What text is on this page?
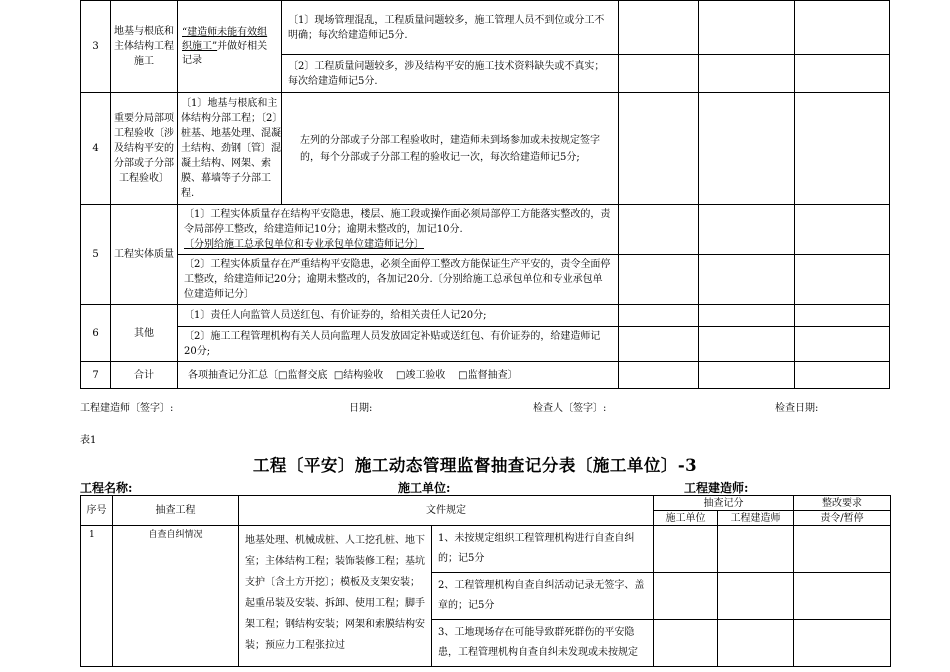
3	地基与根底和主体结构工程施工	“建造师未能有效组织施工”并做好相关记录	〔1〕现场管理混乱，工程质量问题较多，施工管理人员不到位或分工不明确；每次给建造师记5分.			
			〔2〕工程质量问题较多，涉及结构平安的施工技术资料缺失或不真实；每次给建造师记5分.			
4	重要分局部项工程验收〔涉及结构平安的分部或子分部工程验收〕	〔1〕地基与根底和主体结构分部工程；〔2〕桩基、地基处理、混凝土结构、劲钢〔管〕混凝土结构、网架、索膜、幕墙等子分部工程.	左列的分部或子分部工程验收时，建造师未到场参加或未按规定签字的，每个分部或子分部工程的验收记一次，每次给建造师记5分;			
5	工程实体质量	〔1〕工程实体质量存在结构平安隐患，楼层、施工段或操作面必须局部停工方能落实整改的，责令局部停工整改，给建造师记10分；逾期未整改的，加记10分.
〔分别给施工总承包单位和专业承包单位建造师记分〕				
		〔2〕工程实体质量存在严重结构平安隐患，必须全面停工整改方能保证生产平安的，责令全面停工整改，给建造师记20分；逾期未整改的，各加记20分.〔分别给施工总承包单位和专业承包单位建造师记分〕				
6	其他	〔1〕责任人向监管人员送红包、有价证券的，给相关责任人记20分;				
		〔2〕施工工程管理机构有关人员向监理人员发放固定补贴或送红包、有价证券的，给建造师记20分;				
7	合计	各项抽查记分汇总〔□监督交底 □结构验收 □竣工验收 □监督抽查〕				
工程建造师〔签字〕:	日期:	检查人〔签字〕:	检查日期:
表1
工程〔平安〕施工动态管理监督抽查记分表〔施工单位〕-3
工程名称:	施工单位:	工程建造师:
序号	抽查工程	文件规定		抽查记分		整改要求
				施工单位	工程建造师	责令/暂停
1	自查自纠情况	地基处理、机械成桩、人工挖孔桩、地下室；主体结构工程；装饰装修工程；基坑支护〔含土方开挖〕；模板及支架安装；起重吊装及安装、拆卸、使用工程；脚手架工程；钢结构安装；网架和索膜结构安装；预应力工程张拉过	1、未按规定组织工程管理机构进行自查自纠的；记5分			
			2、工程管理机构自查自纠活动记录无签字、盖章的；记5分			
			3、工地现场存在可能导致群死群伤的平安隐患，工程管理机构自查自纠未发现或未按规定			
